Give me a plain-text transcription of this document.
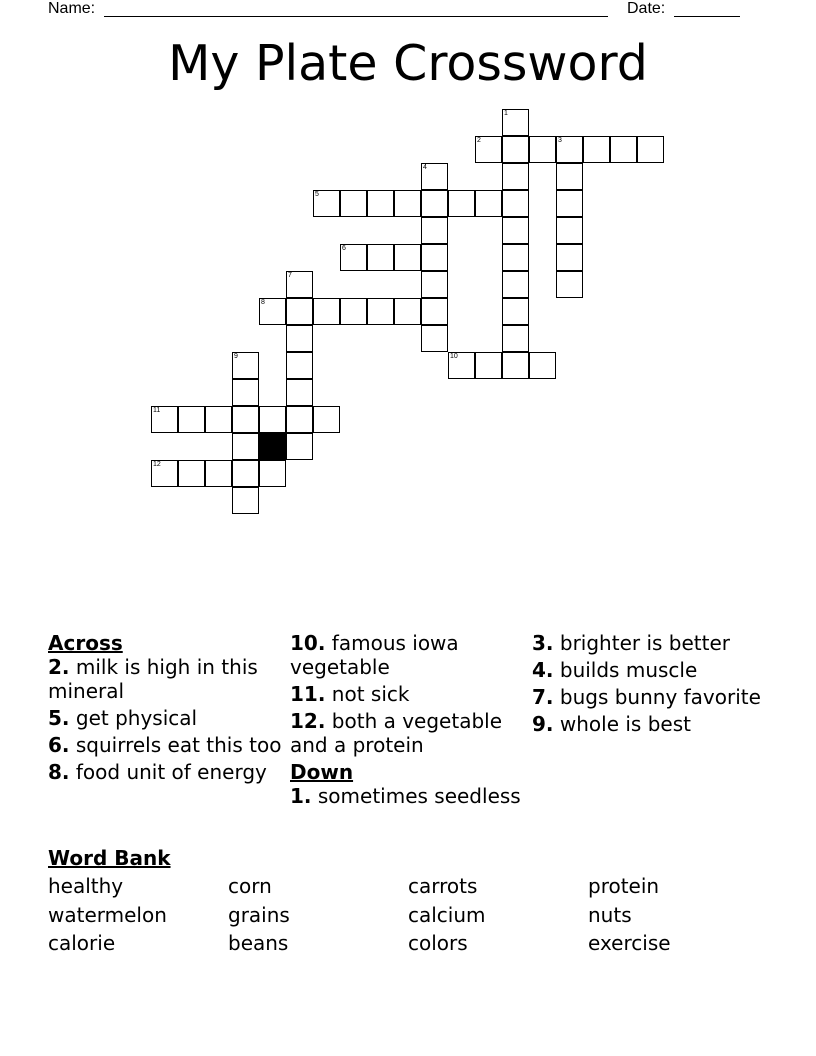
Name:	Date:
My Plate Crossword
1
2	3
4
5
6
7
8
9	10
11
12
Across
2. milk is high in this mineral
5. get physical
6. squirrels eat this too
8. food unit of energy
10. famous iowa vegetable
11. not sick
12. both a vegetable and a protein
Down
1. sometimes seedless
3. brighter is better
4. builds muscle
7. bugs bunny favorite
9. whole is best
Word Bank
healthy	corn	carrots	protein
watermelon	grains	calcium	nuts
calorie	beans	colors	exercise
